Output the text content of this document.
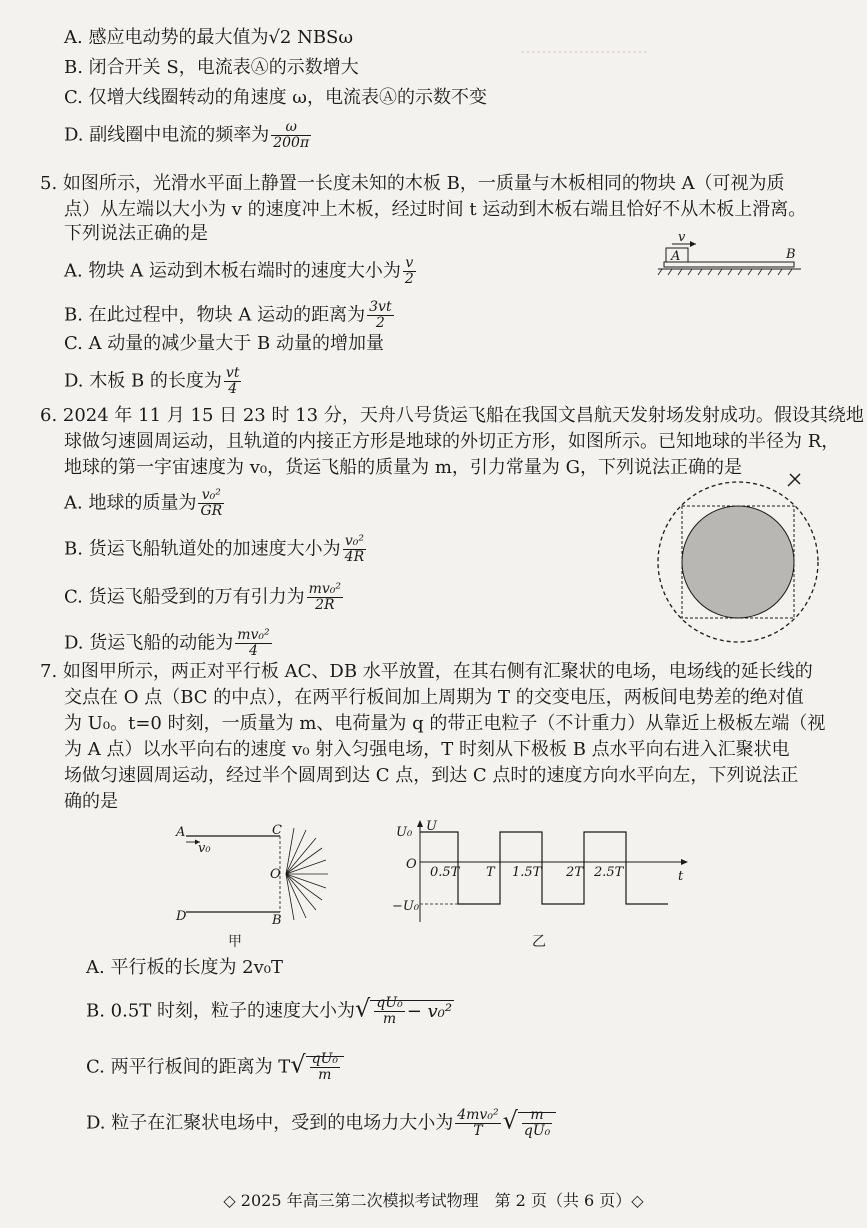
……………………
A. 感应电动势的最大值为√2 NBSω
B. 闭合开关 S，电流表Ⓐ的示数增大
C. 仅增大线圈转动的角速度 ω，电流表Ⓐ的示数不变
D. 副线圈中电流的频率为 $\frac{\omega}{200\pi}$
5. 如图所示，光滑水平面上静置一长度未知的木板 B，一质量与木板相同的物块 A（可视为质
点）从左端以大小为 v 的速度冲上木板，经过时间 t 运动到木板右端且恰好不从木板上滑离。
下列说法正确的是
A. 物块 A 运动到木板右端时的速度大小为 $\frac{v}{2}$
B. 在此过程中，物块 A 运动的距离为 $\frac{3vt}{2}$
C. A 动量的减少量大于 B 动量的增加量
D. 木板 B 的长度为 $\frac{vt}{4}$
v
A	B
6. 2024 年 11 月 15 日 23 时 13 分，天舟八号货运飞船在我国文昌航天发射场发射成功。假设其绕地
球做匀速圆周运动，且轨道的内接正方形是地球的外切正方形，如图所示。已知地球的半径为 R，
地球的第一宇宙速度为 v₀，货运飞船的质量为 m，引力常量为 G，下列说法正确的是
A. 地球的质量为 $\frac{\text{v₀²}}{GR}$
B. 货运飞船轨道处的加速度大小为 $\frac{\text{v₀²}}{4R}$
C. 货运飞船受到的万有引力为 $\frac{\text{mv₀²}}{2R}$
D. 货运飞船的动能为 $\frac{\text{mv₀²}}{4}$
7. 如图甲所示，两正对平行板 AC、DB 水平放置，在其右侧有汇聚状的电场，电场线的延长线的
交点在 O 点（BC 的中点），在两平行板间加上周期为 T 的交变电压，两板间电势差的绝对值
为 U₀。t=0 时刻，一质量为 m、电荷量为 q 的带正电粒子（不计重力）从靠近上极板左端（视
为 A 点）以水平向右的速度 v₀ 射入匀强电场，T 时刻从下极板 B 点水平向右进入汇聚状电
场做匀速圆周运动，经过半个圆周到达 C 点，到达 C 点时的速度方向水平向左，下列说法正
确的是
A	C
D	B
O
v₀
甲
U
U₀
−U₀
O
t
0.5T T 1.5T 2T 2.5T
乙
A. 平行板的长度为 2v₀T
B. 0.5T 时刻，粒子的速度大小为√ $\frac{\text{qU₀}}{m} - v_0^2$
C. 两平行板间的距离为 $T√ \frac{\text{qU₀}}{m}$
D. 粒子在汇聚状电场中，受到的电场力大小为 $\frac{\text{4mv₀²}}{T}$ √ $\frac{m}{\text{qU₀}}$
◇ 2025 年高三第二次模拟考试物理　第 2 页（共 6 页）◇
